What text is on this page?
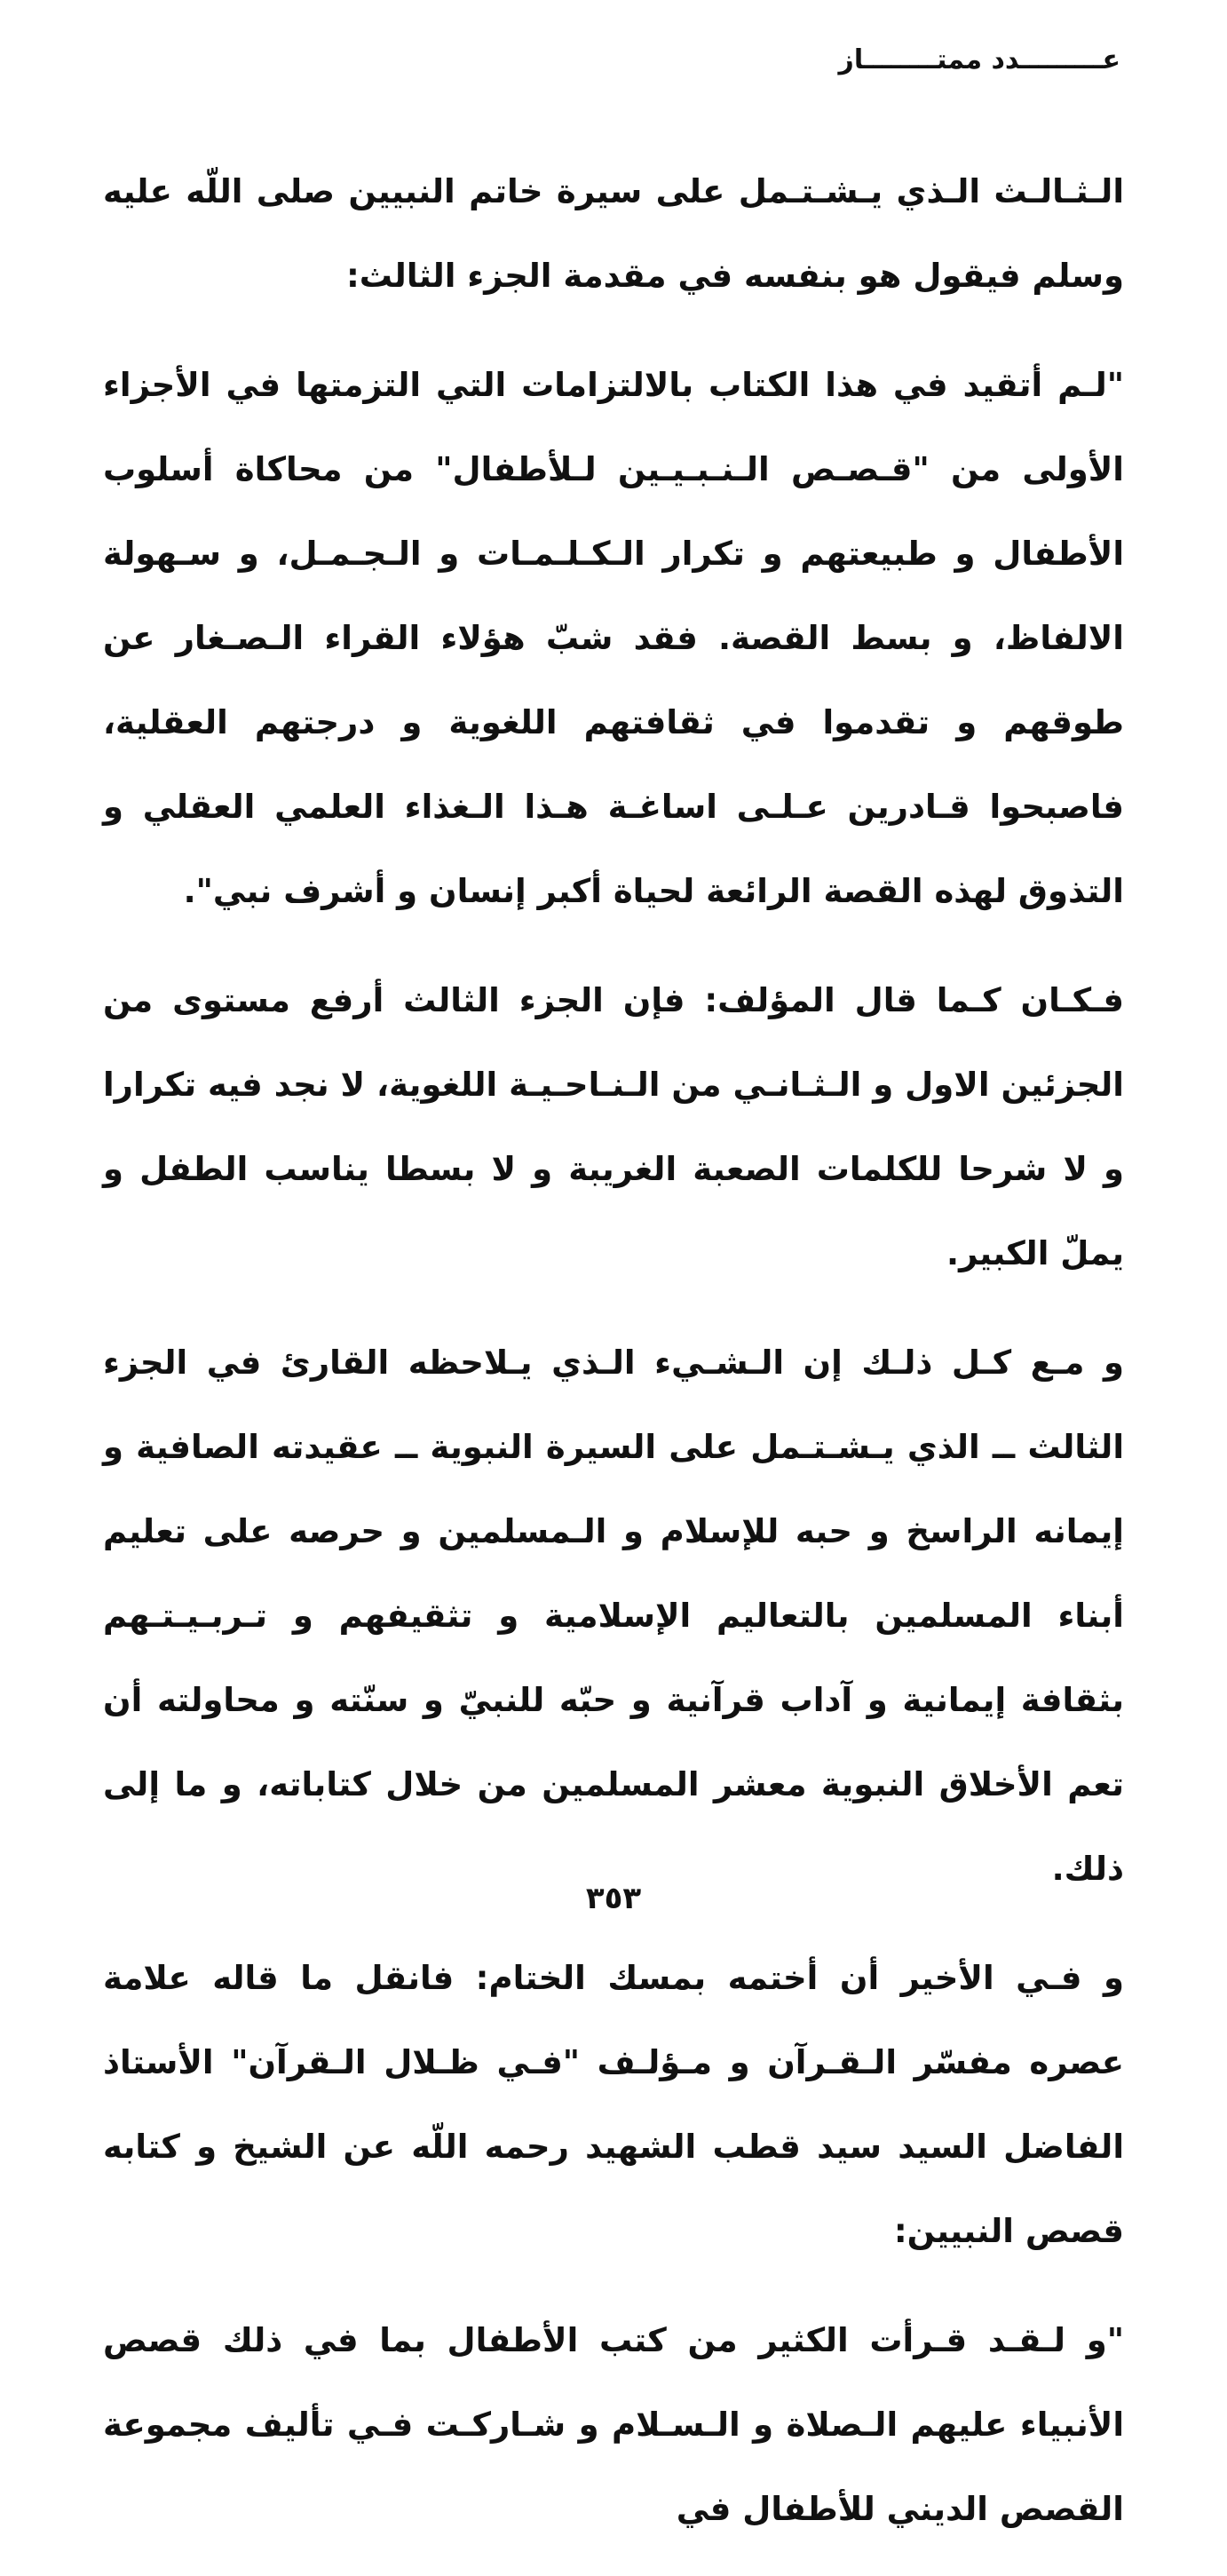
عـــــــــدد ممتــــــــاز

الـثـالـث الـذي يـشـتـمل على سيرة خاتم النبيين صلى اللّه عليه وسلم فيقول هو بنفسه في مقدمة الجزء الثالث:

"لـم أتقيد في هذا الكتاب بالالتزامات التي التزمتها في الأجزاء الأولى من "قـصـص الـنـبـيـين لـلأطفال" من محاكاة أسلوب الأطفال و طبيعتهم و تكرار الـكـلـمـات و الـجـمـل، و سـهولة الالفاظ، و بسط القصة. فقد شبّ هؤلاء القراء الـصـغار عن طوقهم و تقدموا في ثقافتهم اللغوية و درجتهم العقلية، فاصبحوا قـادرين عـلـى اساغـة هـذا الـغذاء العلمي العقلي و التذوق لهذه القصة الرائعة لحياة أكبر إنسان و أشرف نبي".

فـكـان كـما قال المؤلف: فإن الجزء الثالث أرفع مستوى من الجزئين الاول و الـثـانـي من الـنـاحـيـة اللغوية، لا نجد فيه تكرارا و لا شرحا للكلمات الصعبة الغريبة و لا بسطا يناسب الطفل و يملّ الكبير.

و مـع كـل ذلـك إن الـشـيء الـذي يـلاحظه القارئ في الجزء الثالث ــ الذي يـشـتـمل على السيرة النبوية ــ عقيدته الصافية و إيمانه الراسخ و حبه للإسلام و الـمسلمين و حرصه على تعليم أبناء المسلمين بالتعاليم الإسلامية و تثقيفهم و تـربـيـتـهم بثقافة إيمانية و آداب قرآنية و حبّه للنبيّ و سنّته و محاولته أن تعم الأخلاق النبوية معشر المسلمين من خلال كتاباته، و ما إلى ذلك.

و فـي الأخير أن أختمه بمسك الختام: فانقل ما قاله علامة عصره مفسّر الـقـرآن و مـؤلـف "فـي ظـلال الـقرآن" الأستاذ الفاضل السيد سيد قطب الشهيد رحمه اللّه عن الشيخ و كتابه قصص النبيين:

"و لـقـد قـرأت الكثير من كتب الأطفال بما في ذلك قصص الأنبياء عليهم الـصلاة و الـسـلام و شـاركـت فـي تأليف مجموعة القصص الديني للأطفال في

٣٥٣
